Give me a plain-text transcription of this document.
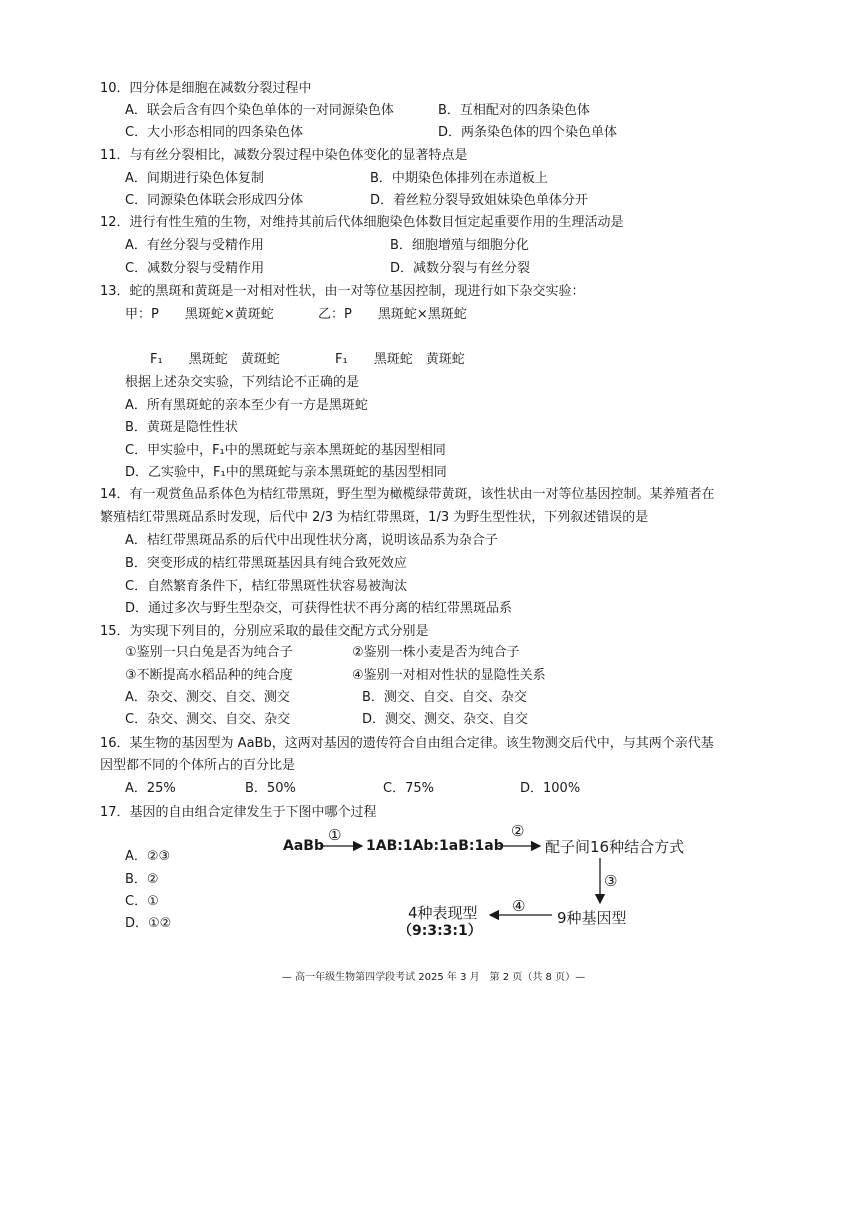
10．四分体是细胞在减数分裂过程中
A．联会后含有四个染色单体的一对同源染色体	B．互相配对的四条染色体
C．大小形态相同的四条染色体	D．两条染色体的四个染色单体
11．与有丝分裂相比，减数分裂过程中染色体变化的显著特点是
A．间期进行染色体复制	B．中期染色体排列在赤道板上
C．同源染色体联会形成四分体	D．着丝粒分裂导致姐妹染色单体分开
12．进行有性生殖的生物，对维持其前后代体细胞染色体数目恒定起重要作用的生理活动是
A．有丝分裂与受精作用	B．细胞增殖与细胞分化
C．减数分裂与受精作用	D．减数分裂与有丝分裂
13．蛇的黑斑和黄斑是一对相对性状，由一对等位基因控制，现进行如下杂交实验：
甲：P　　黑斑蛇×黄斑蛇	乙：P　　黑斑蛇×黑斑蛇
F₁　　黑斑蛇　黄斑蛇	F₁　　黑斑蛇　黄斑蛇
根据上述杂交实验，下列结论不正确的是
A．所有黑斑蛇的亲本至少有一方是黑斑蛇
B．黄斑是隐性性状
C．甲实验中，F₁中的黑斑蛇与亲本黑斑蛇的基因型相同
D．乙实验中，F₁中的黑斑蛇与亲本黑斑蛇的基因型相同
14．有一观赏鱼品系体色为桔红带黑斑，野生型为橄榄绿带黄斑，该性状由一对等位基因控制。某养殖者在
繁殖桔红带黑斑品系时发现，后代中 2/3 为桔红带黑斑，1/3 为野生型性状，下列叙述错误的是
A．桔红带黑斑品系的后代中出现性状分离，说明该品系为杂合子
B．突变形成的桔红带黑斑基因具有纯合致死效应
C．自然繁育条件下，桔红带黑斑性状容易被淘汰
D．通过多次与野生型杂交，可获得性状不再分离的桔红带黑斑品系
15．为实现下列目的，分别应采取的最佳交配方式分别是
①鉴别一只白兔是否为纯合子	②鉴别一株小麦是否为纯合子
③不断提高水稻品种的纯合度	④鉴别一对相对性状的显隐性关系
A．杂交、测交、自交、测交	B．测交、自交、自交、杂交
C．杂交、测交、自交、杂交	D．测交、测交、杂交、自交
16．某生物的基因型为 AaBb，这两对基因的遗传符合自由组合定律。该生物测交后代中，与其两个亲代基
因型都不同的个体所占的百分比是
A．25%	B．50%	C．75%	D．100%
17．基因的自由组合定律发生于下图中哪个过程
A．②③
B．②
C．①
D．①②
AaBb
①
1AB:1Ab:1aB:1ab
②
配子间16种结合方式
③
9种基因型
④
4种表现型
（9:3:3:1）
— 高一年级生物第四学段考试 2025 年 3 月　第 2 页（共 8 页）—
